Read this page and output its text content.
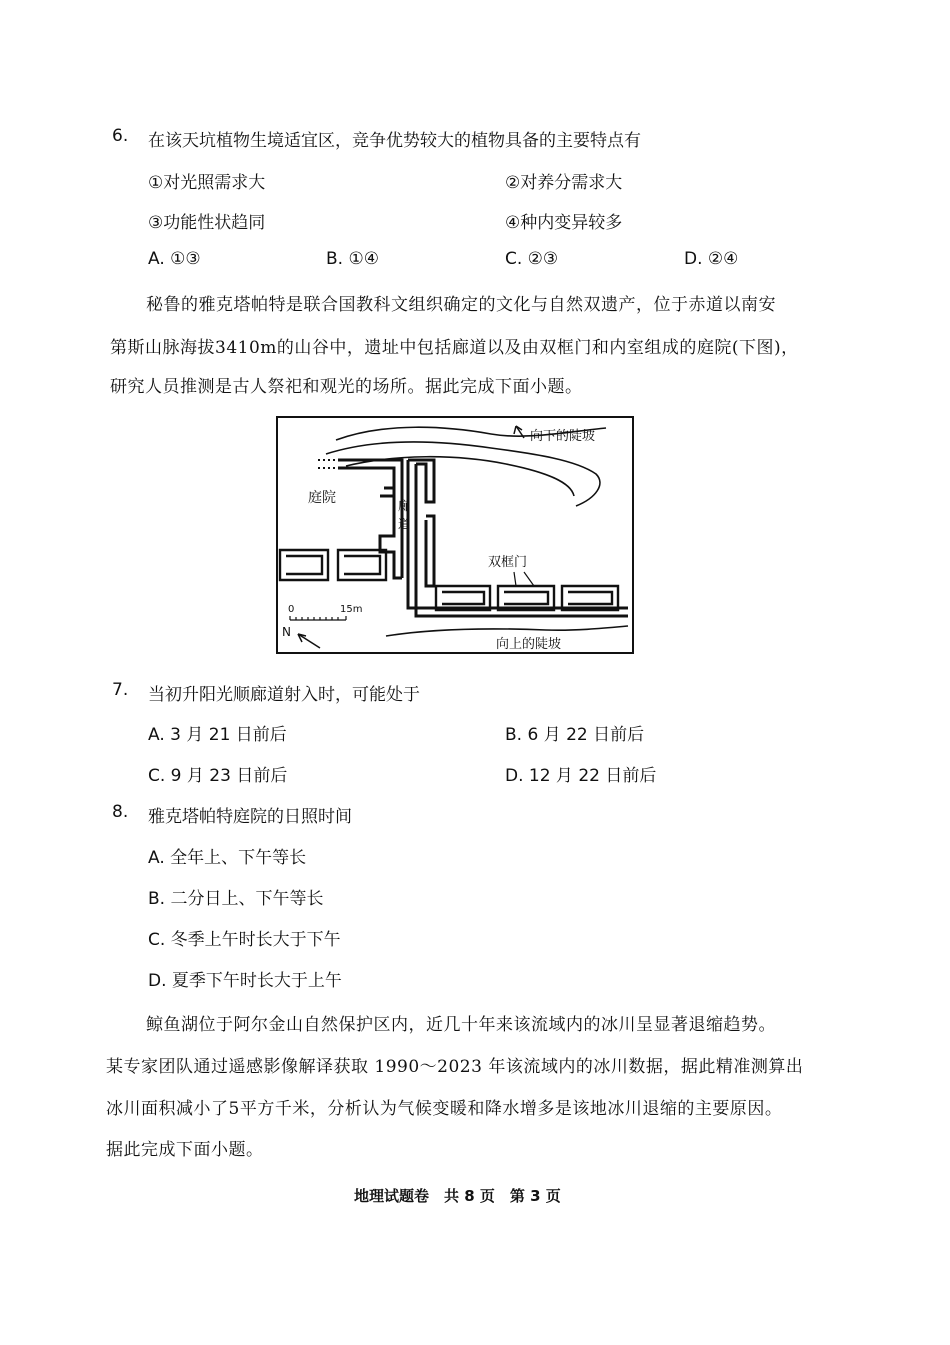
6. 在该天坑植物生境适宜区，竞争优势较大的植物具备的主要特点有
①对光照需求大	②对养分需求大
③功能性状趋同	④种内变异较多
A. ①③	B. ①④	C. ②③	D. ②④
秘鲁的雅克塔帕特是联合国教科文组织确定的文化与自然双遗产，位于赤道以南安
第斯山脉海拔3410m的山谷中，遗址中包括廊道以及由双框门和内室组成的庭院(下图)，
研究人员推测是古人祭祀和观光的场所。据此完成下面小题。
向下的陡坡
庭院	廊
道
双框门
0	15m
N
向上的陡坡
7. 当初升阳光顺廊道射入时，可能处于
A. 3 月 21 日前后	B. 6 月 22 日前后
C. 9 月 23 日前后	D. 12 月 22 日前后
8. 雅克塔帕特庭院的日照时间
A. 全年上、下午等长
B. 二分日上、下午等长
C. 冬季上午时长大于下午
D. 夏季下午时长大于上午
鲸鱼湖位于阿尔金山自然保护区内，近几十年来该流域内的冰川呈显著退缩趋势。
某专家团队通过遥感影像解译获取 1990～2023 年该流域内的冰川数据，据此精准测算出
冰川面积减小了5平方千米，分析认为气候变暖和降水增多是该地冰川退缩的主要原因。
据此完成下面小题。
地理试题卷　共 8 页　第 3 页
